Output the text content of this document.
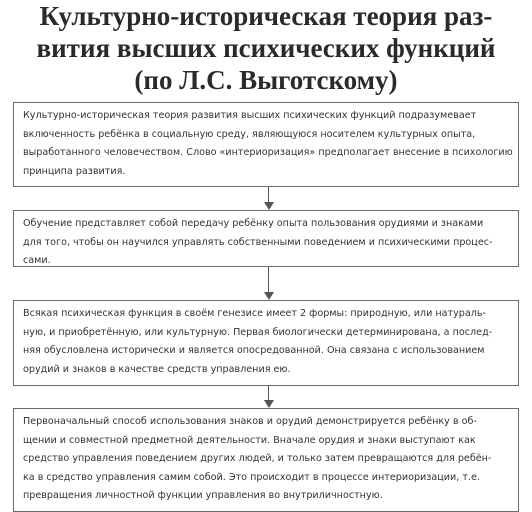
Культурно-историческая теория раз-
вития высших психических функций
(по Л.С. Выготскому)
Культурно-историческая теория развития высших психических функций подразумевает
включенность ребёнка в социальную среду, являющуюся носителем культурных опыта,
выработанного человечеством. Слово «интериоризация» предполагает внесение в психологию
принципа развития.
Обучение представляет собой передачу ребёнку опыта пользования орудиями и знаками
для того, чтобы он научился управлять собственными поведением и психическими процес-
сами.
Всякая психическая функция в своём генезисе имеет 2 формы: природную, или натураль-
ную, и приобретённую, или культурную. Первая биологически детерминирована, а послед-
няя обусловлена исторически и является опосредованной. Она связана с использованием
орудий и знаков в качестве средств управления ею.
Первоначальный способ использования знаков и орудий демонстрируется ребёнку в об-
щении и совместной предметной деятельности. Вначале орудия и знаки выступают как
средство управления поведением других людей, и только затем превращаются для ребён-
ка в средство управления самим собой. Это происходит в процессе интериоризации, т.е.
превращения личностной функции управления во внутриличностную.
